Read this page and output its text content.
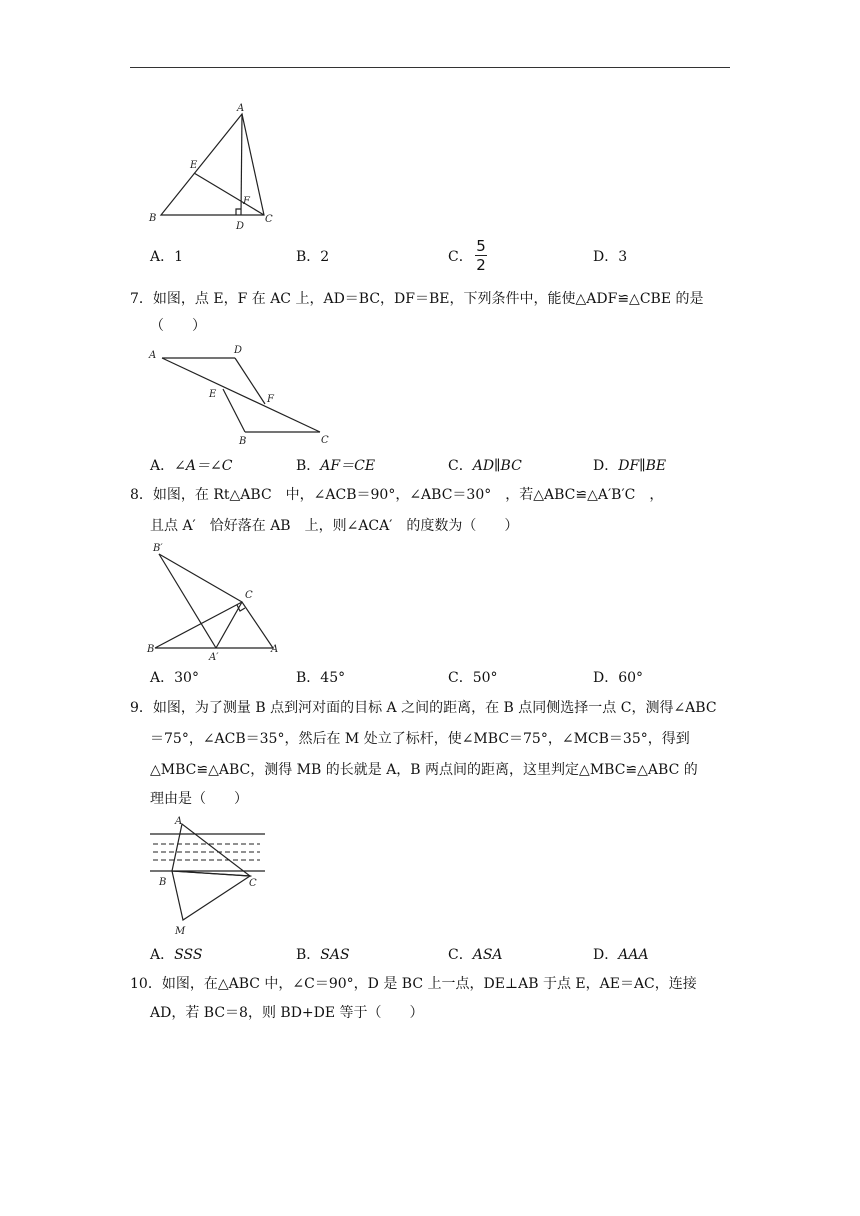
A
B	C
D
E
F
A．1	B．2	C．
5
2	D．3
7．如图，点 E，F 在 AC 上，AD＝BC，DF＝BE，下列条件中，能使△ADF≌△CBE 的是
（　　）
A	D
E	F
B	C
A．∠A＝∠C	B．AF＝CE	C．AD∥BC	D．DF∥BE
8．如图，在 Rt△ABC　中，∠ACB＝90°，∠ABC＝30°　，若△ABC≌△A′B′C　，
且点 A′　恰好落在 AB　上，则∠ACA′　的度数为（　　）
B′
C
B
A′
A
A．30°	B．45°	C．50°	D．60°
9．如图，为了测量 B 点到河对面的目标 A 之间的距离，在 B 点同侧选择一点 C，测得∠ABC
＝75°，∠ACB＝35°，然后在 M 处立了标杆，使∠MBC＝75°，∠MCB＝35°，得到
△MBC≌△ABC，测得 MB 的长就是 A，B 两点间的距离，这里判定△MBC≌△ABC 的
理由是（　　）
A
B	C
M
A．SSS	B．SAS	C．ASA	D．AAA
10．如图，在△ABC 中，∠C＝90°，D 是 BC 上一点，DE⊥AB 于点 E，AE＝AC，连接
AD，若 BC＝8，则 BD+DE 等于（　　）
